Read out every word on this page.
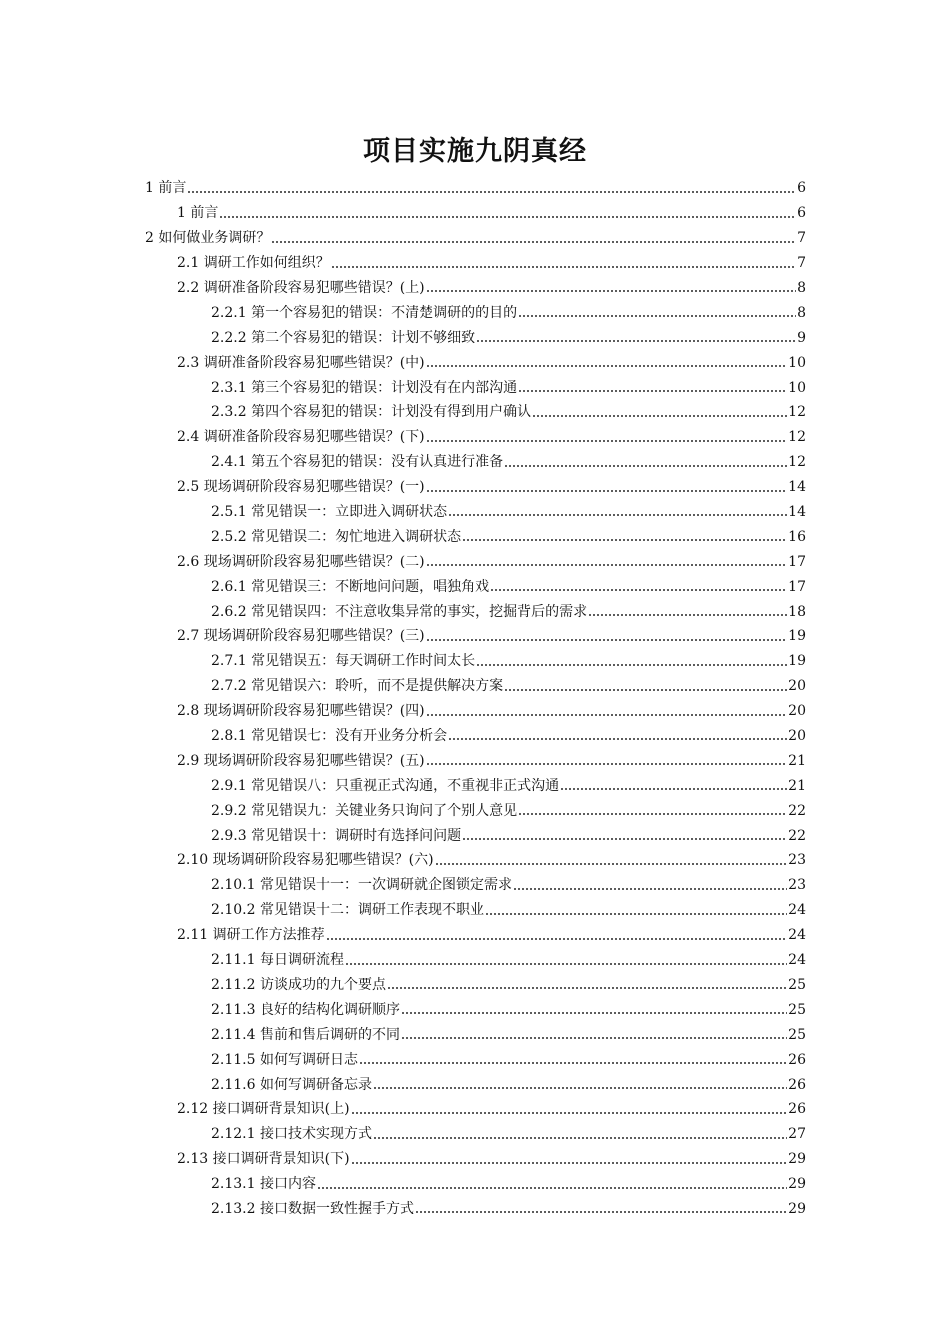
项目实施九阴真经
1 前言	6
1 前言	6
2 如何做业务调研？	7
2.1 调研工作如何组织？	7
2.2 调研准备阶段容易犯哪些错误？(上)	8
2.2.1 第一个容易犯的错误：不清楚调研的的目的	8
2.2.2 第二个容易犯的错误：计划不够细致	9
2.3 调研准备阶段容易犯哪些错误？(中)	10
2.3.1 第三个容易犯的错误：计划没有在内部沟通	10
2.3.2 第四个容易犯的错误：计划没有得到用户确认	12
2.4 调研准备阶段容易犯哪些错误？(下)	12
2.4.1 第五个容易犯的错误：没有认真进行准备	12
2.5 现场调研阶段容易犯哪些错误？(一)	14
2.5.1 常见错误一：立即进入调研状态	14
2.5.2 常见错误二：匆忙地进入调研状态	16
2.6 现场调研阶段容易犯哪些错误？(二)	17
2.6.1 常见错误三：不断地问问题，唱独角戏	17
2.6.2 常见错误四：不注意收集异常的事实，挖掘背后的需求	18
2.7 现场调研阶段容易犯哪些错误？(三)	19
2.7.1 常见错误五：每天调研工作时间太长	19
2.7.2 常见错误六：聆听，而不是提供解决方案	20
2.8 现场调研阶段容易犯哪些错误？(四)	20
2.8.1 常见错误七：没有开业务分析会	20
2.9 现场调研阶段容易犯哪些错误？(五)	21
2.9.1 常见错误八：只重视正式沟通，不重视非正式沟通	21
2.9.2 常见错误九：关键业务只询问了个别人意见	22
2.9.3 常见错误十：调研时有选择问问题	22
2.10 现场调研阶段容易犯哪些错误？(六)	23
2.10.1 常见错误十一：一次调研就企图锁定需求	23
2.10.2 常见错误十二：调研工作表现不职业	24
2.11 调研工作方法推荐	24
2.11.1 每日调研流程	24
2.11.2 访谈成功的九个要点	25
2.11.3 良好的结构化调研顺序	25
2.11.4 售前和售后调研的不同	25
2.11.5 如何写调研日志	26
2.11.6 如何写调研备忘录	26
2.12 接口调研背景知识(上)	26
2.12.1 接口技术实现方式	27
2.13 接口调研背景知识(下)	29
2.13.1 接口内容	29
2.13.2 接口数据一致性握手方式	29
